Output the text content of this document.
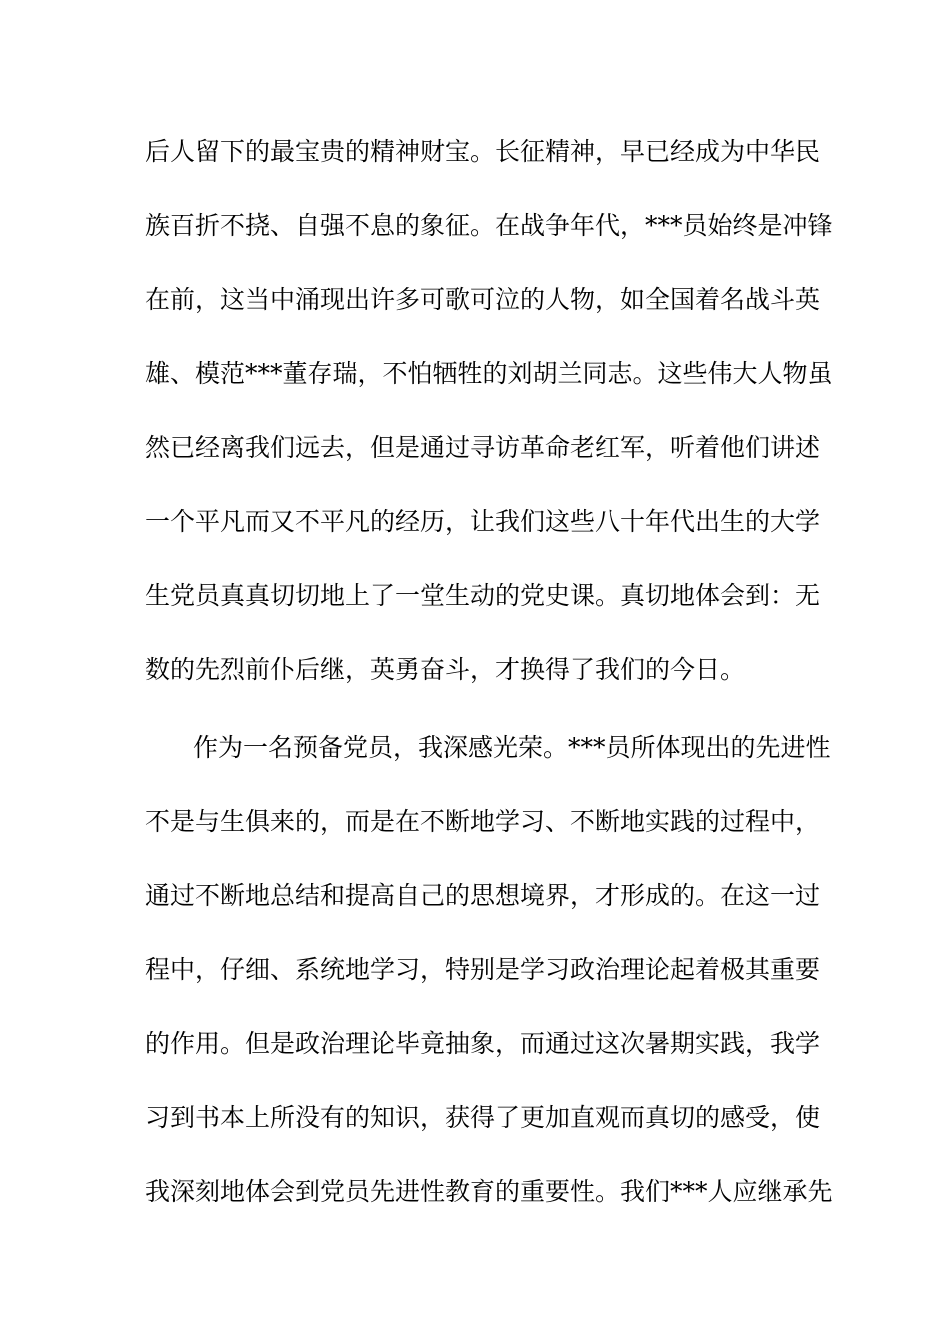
后人留下的最宝贵的精神财宝。长征精神，早已经成为中华民
族百折不挠、自强不息的象征。在战争年代，***员始终是冲锋
在前，这当中涌现出许多可歌可泣的人物，如全国着名战斗英
雄、模范***董存瑞，不怕牺牲的刘胡兰同志。这些伟大人物虽
然已经离我们远去，但是通过寻访革命老红军，听着他们讲述
一个平凡而又不平凡的经历，让我们这些八十年代出生的大学
生党员真真切切地上了一堂生动的党史课。真切地体会到：无
数的先烈前仆后继，英勇奋斗，才换得了我们的今日。
作为一名预备党员，我深感光荣。***员所体现出的先进性
不是与生俱来的，而是在不断地学习、不断地实践的过程中，
通过不断地总结和提高自己的思想境界，才形成的。在这一过
程中，仔细、系统地学习，特别是学习政治理论起着极其重要
的作用。但是政治理论毕竟抽象，而通过这次暑期实践，我学
习到书本上所没有的知识，获得了更加直观而真切的感受，使
我深刻地体会到党员先进性教育的重要性。我们***人应继承先
